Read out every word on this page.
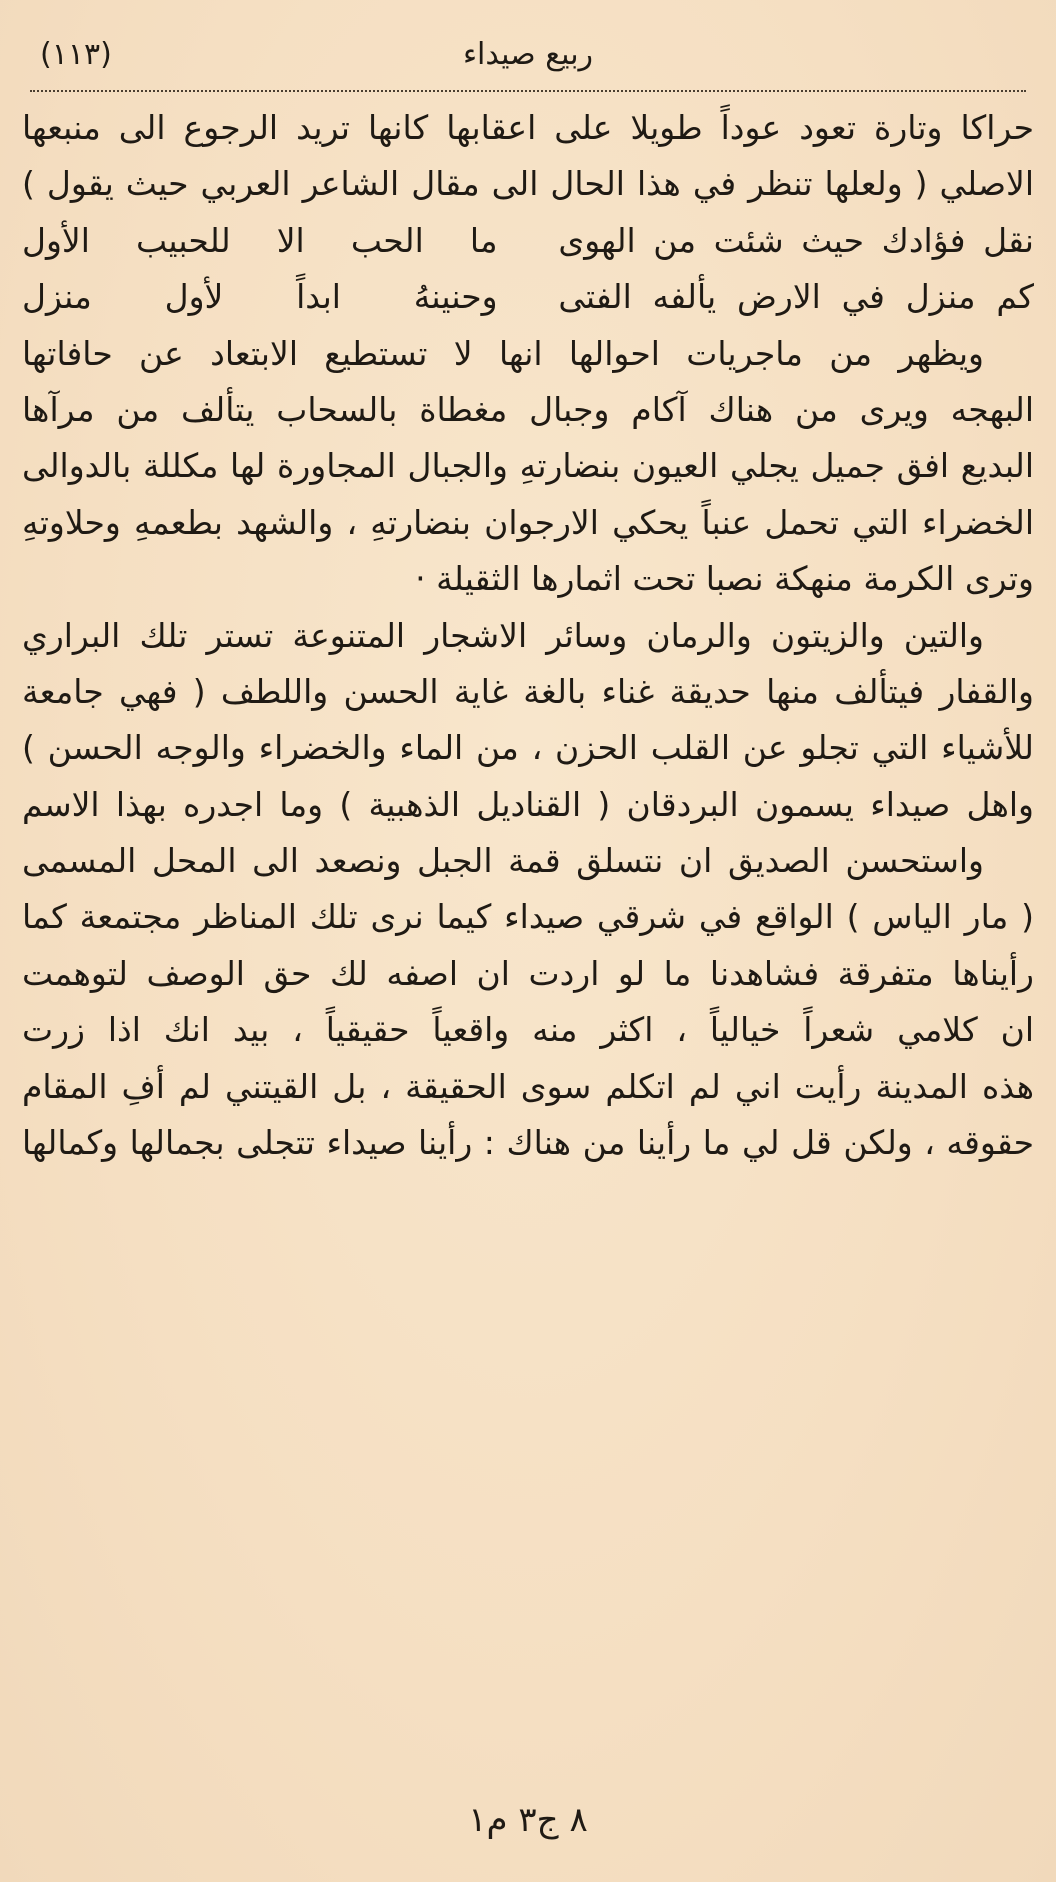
ربيع صيداء
(١١٣)
حراكا وتارة تعود عوداً طويلا على اعقابها كانها تريد الرجوع الى منبعها
الاصلي ( ولعلها تنظر في هذا الحال الى مقال الشاعر العربي حيث يقول )
نقل فؤادك حيث شئت من الهوى
ما الحب الا للحبيب الأول
كم منزل في الارض يألفه الفتى
وحنينهُ ابداً لأول منزل
ويظهر من ماجريات احوالها انها لا تستطيع الابتعاد عن حافاتها
البهجه ويرى من هناك آكام وجبال مغطاة بالسحاب يتألف من مرآها
البديع افق جميل يجلي العيون بنضارتهِ والجبال المجاورة لها مكللة بالدوالى
الخضراء التي تحمل عنباً يحكي الارجوان بنضارتهِ ، والشهد بطعمهِ وحلاوتهِ
وترى الكرمة منهكة نصبا تحت اثمارها الثقيلة ·
والتين والزيتون والرمان وسائر الاشجار المتنوعة تستر تلك البراري
والقفار فيتألف منها حديقة غناء بالغة غاية الحسن واللطف ( فهي جامعة
للأشياء التي تجلو عن القلب الحزن ، من الماء والخضراء والوجه الحسن )
واهل صيداء يسمون البردقان ( القناديل الذهبية ) وما اجدره بهذا الاسم
واستحسن الصديق ان نتسلق قمة الجبل ونصعد الى المحل المسمى
( مار الياس ) الواقع في شرقي صيداء كيما نرى تلك المناظر مجتمعة كما
رأيناها متفرقة فشاهدنا ما لو اردت ان اصفه لك حق الوصف لتوهمت
ان كلامي شعراً خيالياً ، اكثر منه واقعياً حقيقياً ، بيد انك اذا زرت
هذه المدينة رأيت اني لم اتكلم سوى الحقيقة ، بل القيتني لم أفِ المقام
حقوقه ، ولكن قل لي ما رأينا من هناك : رأينا صيداء تتجلى بجمالها وكمالها
٨ ج٣ م١
